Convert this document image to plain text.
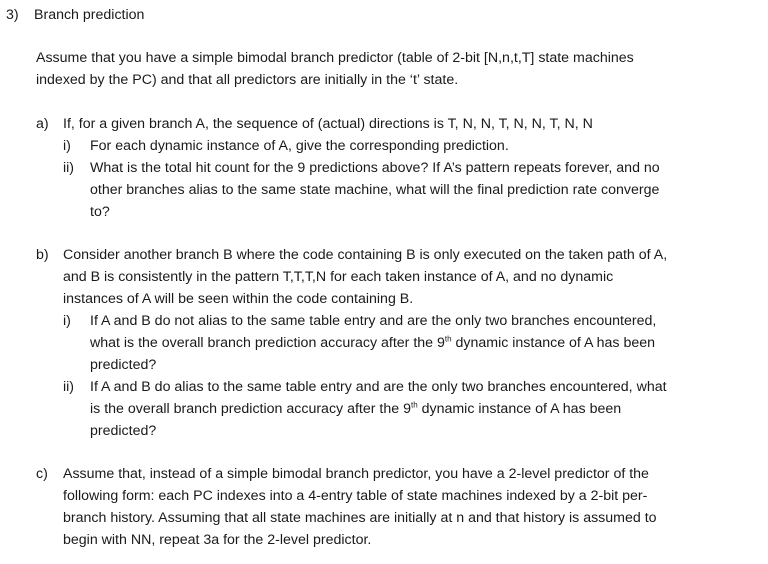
3) Branch prediction
Assume that you have a simple bimodal branch predictor (table of 2-bit [N,n,t,T] state machines
indexed by the PC) and that all predictors are initially in the ‘t’ state.
a) If, for a given branch A, the sequence of (actual) directions is T, N, N, T, N, N, T, N, N
i) For each dynamic instance of A, give the corresponding prediction.
ii) What is the total hit count for the 9 predictions above? If A’s pattern repeats forever, and no
other branches alias to the same state machine, what will the final prediction rate converge
to?
b) Consider another branch B where the code containing B is only executed on the taken path of A,
and B is consistently in the pattern T,T,T,N for each taken instance of A, and no dynamic
instances of A will be seen within the code containing B.
i) If A and B do not alias to the same table entry and are the only two branches encountered,
what is the overall branch prediction accuracy after the 9th dynamic instance of A has been
predicted?
ii) If A and B do alias to the same table entry and are the only two branches encountered, what
is the overall branch prediction accuracy after the 9th dynamic instance of A has been
predicted?
c) Assume that, instead of a simple bimodal branch predictor, you have a 2-level predictor of the
following form: each PC indexes into a 4-entry table of state machines indexed by a 2-bit per-
branch history. Assuming that all state machines are initially at n and that history is assumed to
begin with NN, repeat 3a for the 2-level predictor.
